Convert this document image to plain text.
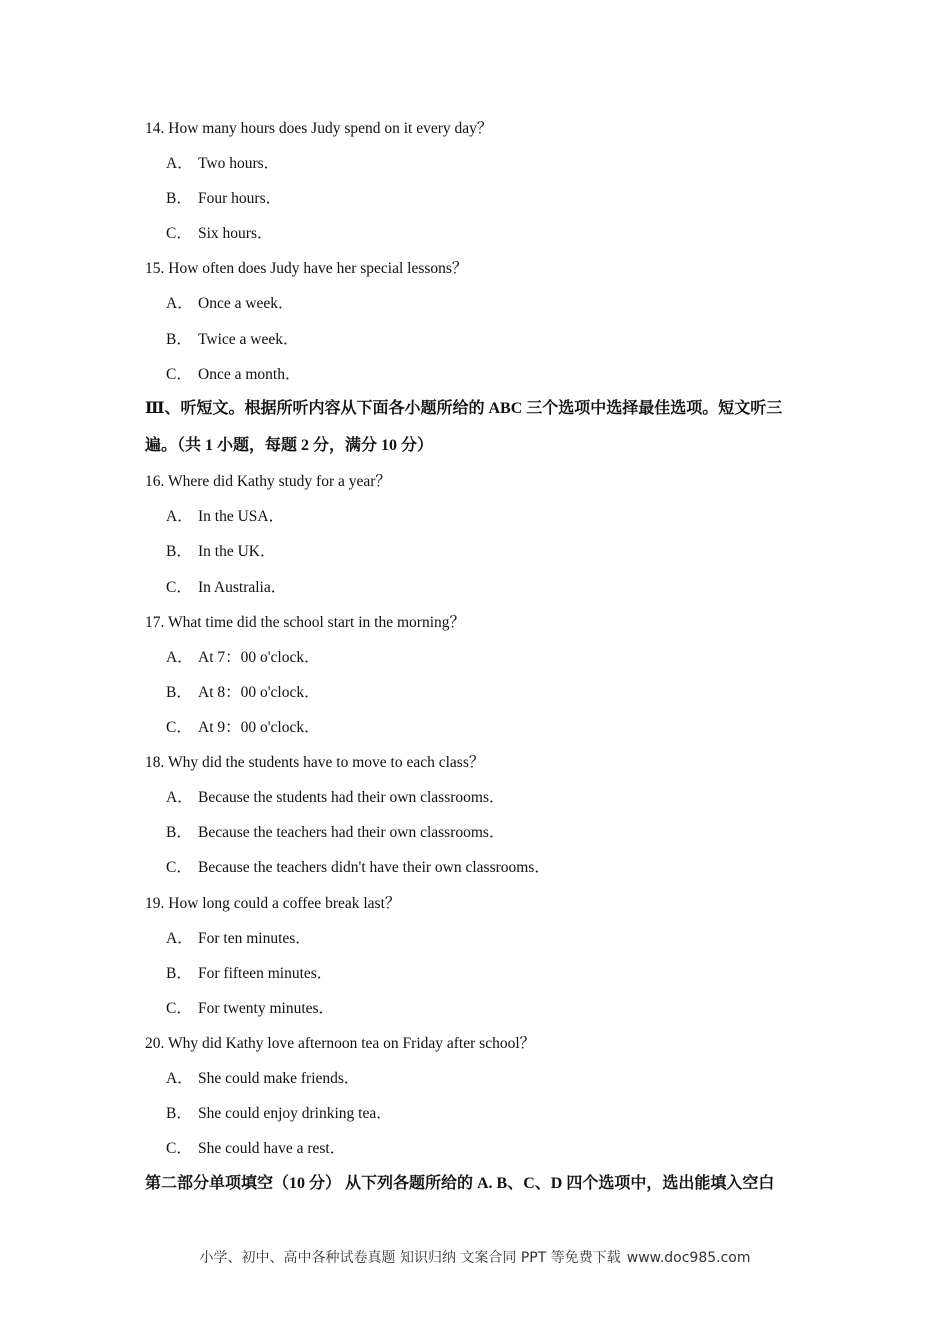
14. How many hours does Judy spend on it every day？
A． Two hours．
B． Four hours．
C． Six hours．
15. How often does Judy have her special lessons？
A． Once a week．
B． Twice a week．
C． Once a month．
Ⅲ、听短文。根据所听内容从下面各小题所给的 ABC 三个选项中选择最佳选项。短文听三
遍。（共 1 小题，每题 2 分，满分 10 分）
16. Where did Kathy study for a year？
A． In the USA．
B． In the UK．
C． In Australia．
17. What time did the school start in the morning？
A． At 7：00 o'clock．
B． At 8：00 o'clock．
C． At 9：00 o'clock．
18. Why did the students have to move to each class？
A． Because the students had their own classrooms．
B． Because the teachers had their own classrooms．
C． Because the teachers didn't have their own classrooms．
19. How long could a coffee break last？
A． For ten minutes．
B． For fifteen minutes．
C． For twenty minutes．
20. Why did Kathy love afternoon tea on Friday after school？
A． She could make friends．
B． She could enjoy drinking tea．
C． She could have a rest．
第二部分单项填空（10 分） 从下列各题所给的 A. B、C、D 四个选项中，选出能填入空白
小学、初中、高中各种试卷真题 知识归纳 文案合同 PPT 等免费下载 www.doc985.com
